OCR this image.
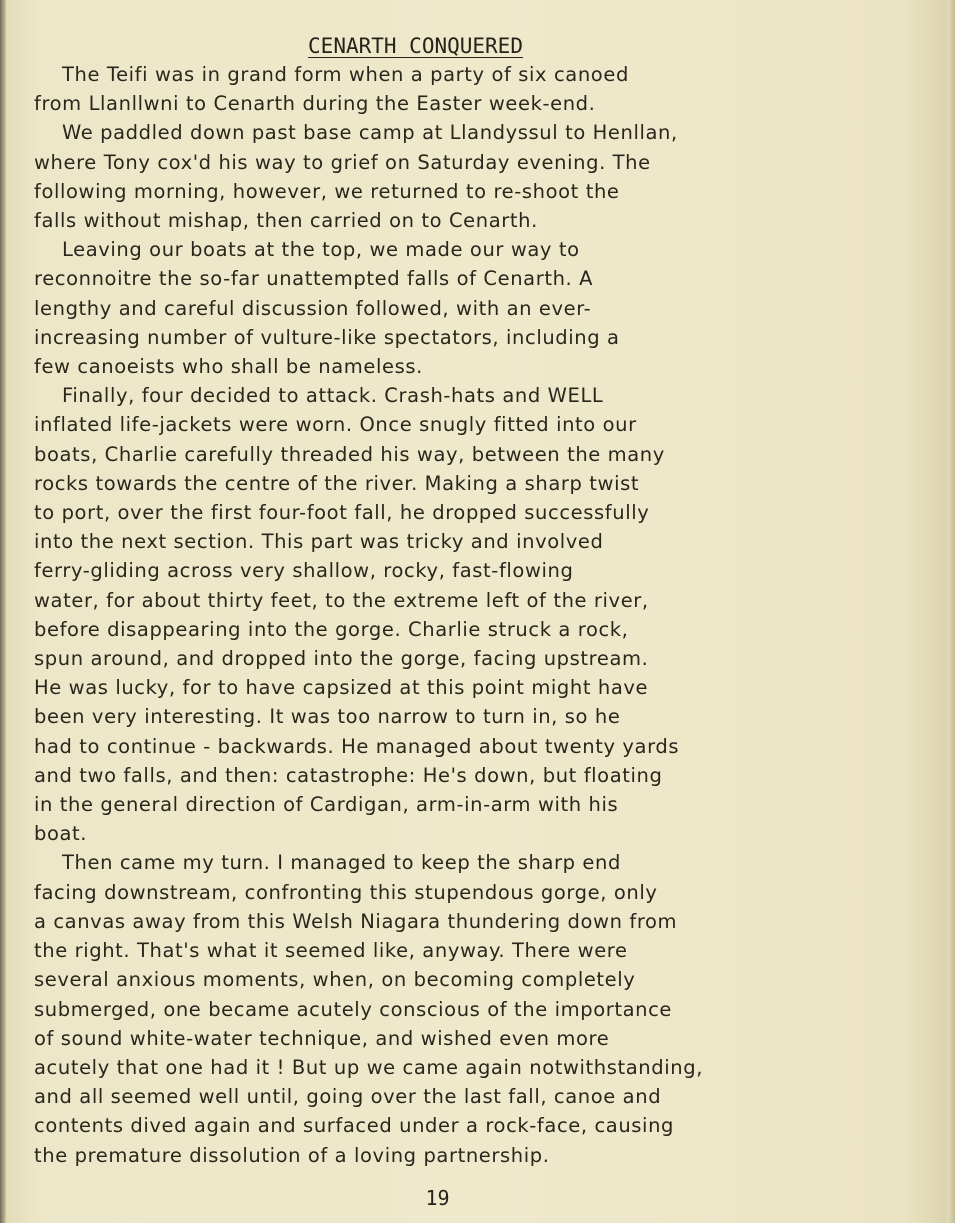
CENARTH CONQUERED
The Teifi was in grand form when a party of six canoed
from Llanllwni to Cenarth during the Easter week-end.
We paddled down past base camp at Llandyssul to Henllan,
where Tony cox'd his way to grief on Saturday evening. The
following morning, however, we returned to re-shoot the
falls without mishap, then carried on to Cenarth.
Leaving our boats at the top, we made our way to
reconnoitre the so-far unattempted falls of Cenarth. A
lengthy and careful discussion followed, with an ever-
increasing number of vulture-like spectators, including a
few canoeists who shall be nameless.
Finally, four decided to attack. Crash-hats and WELL
inflated life-jackets were worn. Once snugly fitted into our
boats, Charlie carefully threaded his way, between the many
rocks towards the centre of the river. Making a sharp twist
to port, over the first four-foot fall, he dropped successfully
into the next section. This part was tricky and involved
ferry-gliding across very shallow, rocky, fast-flowing
water, for about thirty feet, to the extreme left of the river,
before disappearing into the gorge. Charlie struck a rock,
spun around, and dropped into the gorge, facing upstream.
He was lucky, for to have capsized at this point might have
been very interesting. It was too narrow to turn in, so he
had to continue - backwards. He managed about twenty yards
and two falls, and then: catastrophe: He's down, but floating
in the general direction of Cardigan, arm-in-arm with his
boat.
Then came my turn. I managed to keep the sharp end
facing downstream, confronting this stupendous gorge, only
a canvas away from this Welsh Niagara thundering down from
the right. That's what it seemed like, anyway. There were
several anxious moments, when, on becoming completely
submerged, one became acutely conscious of the importance
of sound white-water technique, and wished even more
acutely that one had it ! But up we came again notwithstanding,
and all seemed well until, going over the last fall, canoe and
contents dived again and surfaced under a rock-face, causing
the premature dissolution of a loving partnership.
19
